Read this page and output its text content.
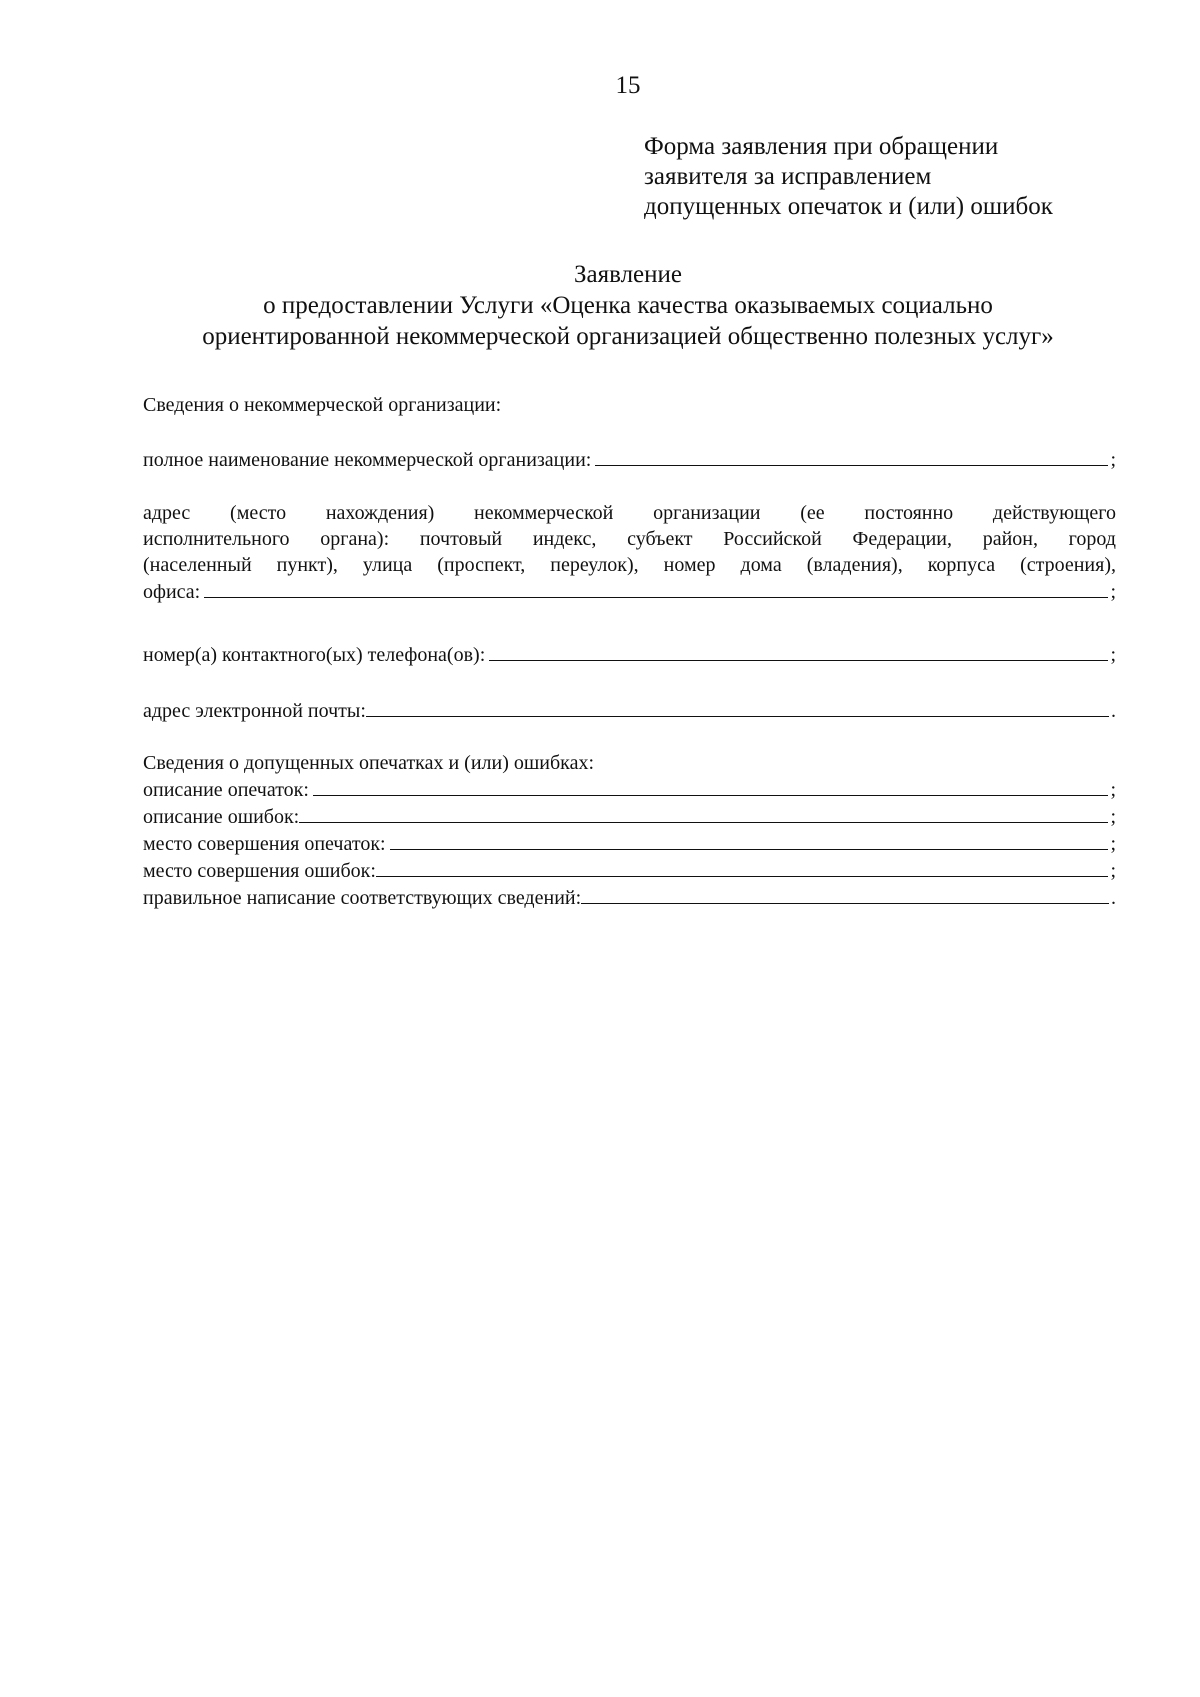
15
Форма заявления при обращении
заявителя за исправлением
допущенных опечаток и (или) ошибок
Заявление
о предоставлении Услуги «Оценка качества оказываемых социально
ориентированной некоммерческой организацией общественно полезных услуг»
Сведения о некоммерческой организации:
полное наименование некоммерческой организации:	;
адрес (место нахождения) некоммерческой организации (ее постоянно действующего
исполнительного органа): почтовый индекс, субъект Российской Федерации, район, город
(населенный пункт), улица (проспект, переулок), номер дома (владения), корпуса (строения),
офиса:	;
номер(а) контактного(ых) телефона(ов):	;
адрес электронной почты:	.
Сведения о допущенных опечатках и (или) ошибках:
описание опечаток:	;
описание ошибок:	;
место совершения опечаток:	;
место совершения ошибок:	;
правильное написание соответствующих сведений:	.
